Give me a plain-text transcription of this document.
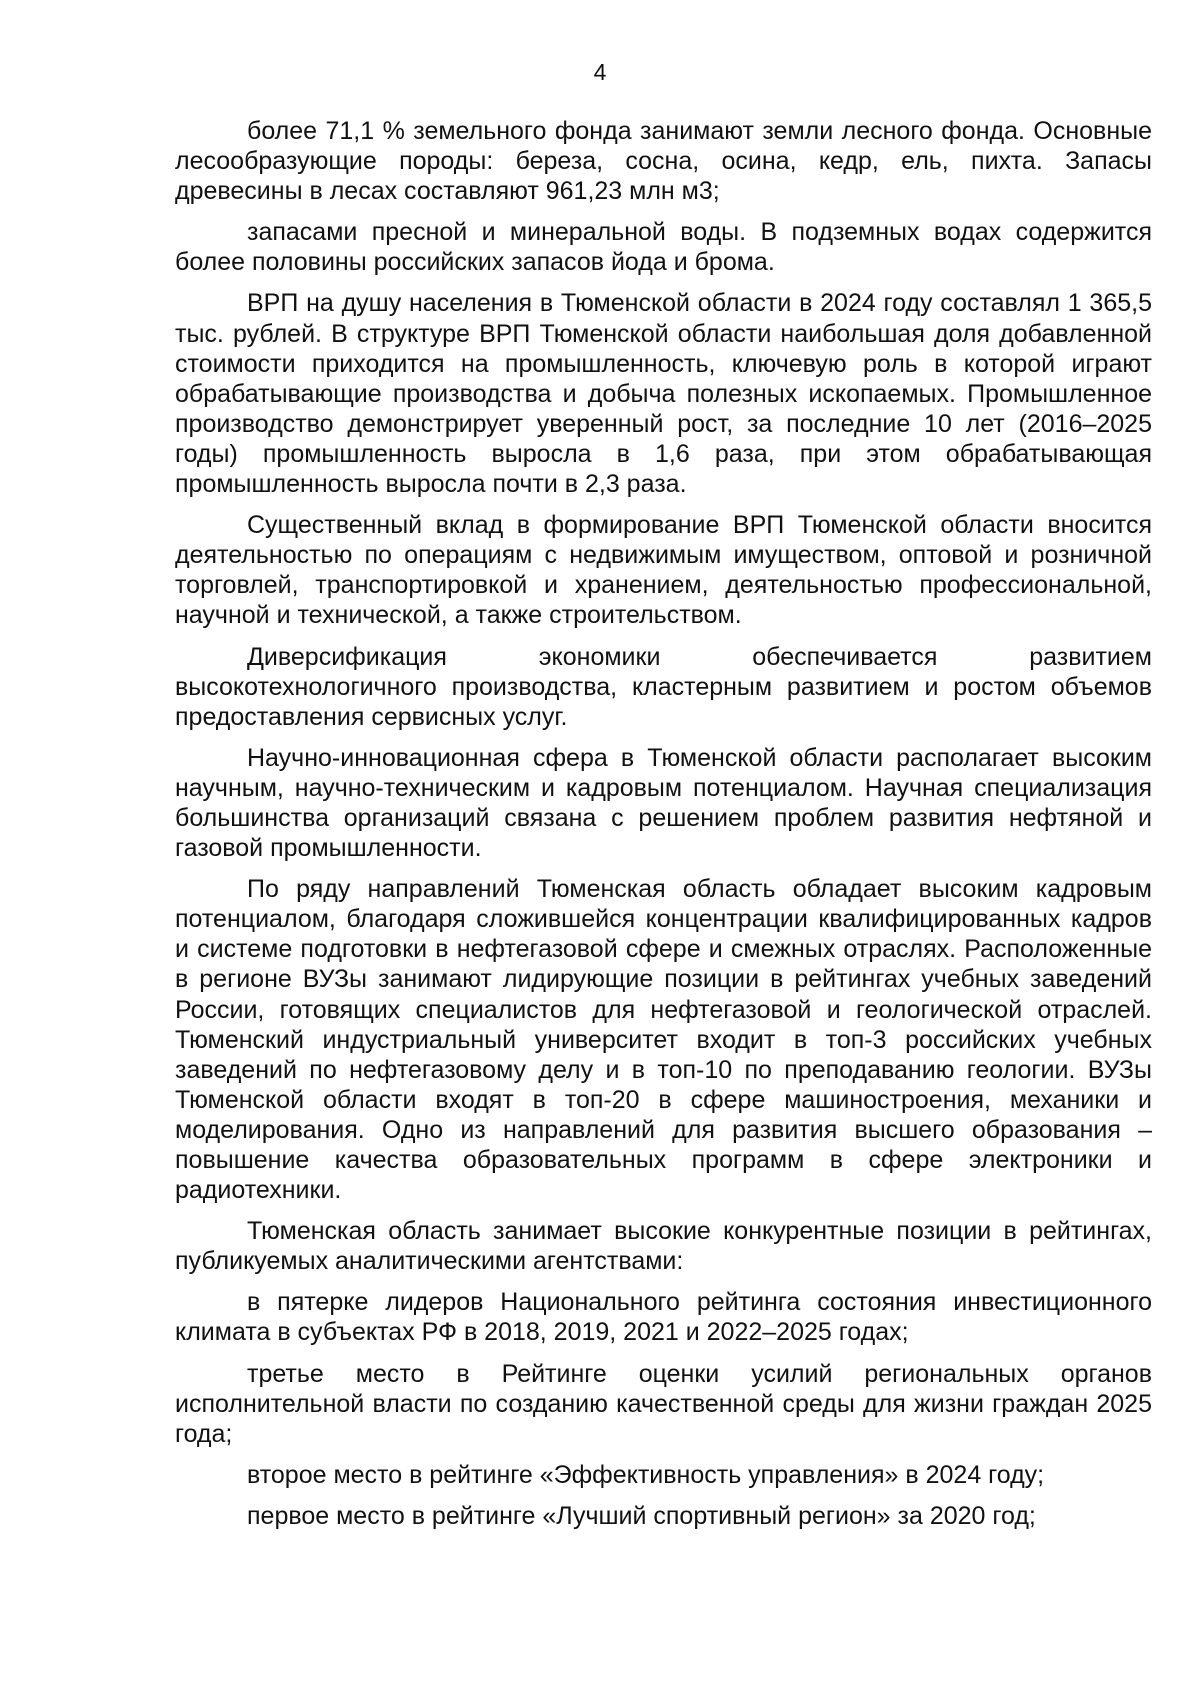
4

более 71,1 % земельного фонда занимают земли лесного фонда. Основные лесообразующие породы: береза, сосна, осина, кедр, ель, пихта. Запасы древесины в лесах составляют 961,23 млн м3;

запасами пресной и минеральной воды. В подземных водах содержится более половины российских запасов йода и брома.

ВРП на душу населения в Тюменской области в 2024 году составлял 1 365,5 тыс. рублей. В структуре ВРП Тюменской области наибольшая доля добавленной стоимости приходится на промышленность, ключевую роль в которой играют обрабатывающие производства и добыча полезных ископаемых. Промышленное производство демонстрирует уверенный рост, за последние 10 лет (2016–2025 годы) промышленность выросла в 1,6 раза, при этом обрабатывающая промышленность выросла почти в 2,3 раза.

Существенный вклад в формирование ВРП Тюменской области вносится деятельностью по операциям с недвижимым имуществом, оптовой и розничной торговлей, транспортировкой и хранением, деятельностью профессиональной, научной и технической, а также строительством.

Диверсификация экономики обеспечивается развитием высокотехнологичного производства, кластерным развитием и ростом объемов предоставления сервисных услуг.

Научно-инновационная сфера в Тюменской области располагает высоким научным, научно-техническим и кадровым потенциалом. Научная специализация большинства организаций связана с решением проблем развития нефтяной и газовой промышленности.

По ряду направлений Тюменская область обладает высоким кадровым потенциалом, благодаря сложившейся концентрации квалифицированных кадров и системе подготовки в нефтегазовой сфере и смежных отраслях. Расположенные в регионе ВУЗы занимают лидирующие позиции в рейтингах учебных заведений России, готовящих специалистов для нефтегазовой и геологической отраслей. Тюменский индустриальный университет входит в топ-3 российских учебных заведений по нефтегазовому делу и в топ-10 по преподаванию геологии. ВУЗы Тюменской области входят в топ-20 в сфере машиностроения, механики и моделирования. Одно из направлений для развития высшего образования – повышение качества образовательных программ в сфере электроники и радиотехники.

Тюменская область занимает высокие конкурентные позиции в рейтингах, публикуемых аналитическими агентствами:

в пятерке лидеров Национального рейтинга состояния инвестиционного климата в субъектах РФ в 2018, 2019, 2021 и 2022–2025 годах;

третье место в Рейтинге оценки усилий региональных органов исполнительной власти по созданию качественной среды для жизни граждан 2025 года;

второе место в рейтинге «Эффективность управления» в 2024 году;

первое место в рейтинге «Лучший спортивный регион» за 2020 год;
